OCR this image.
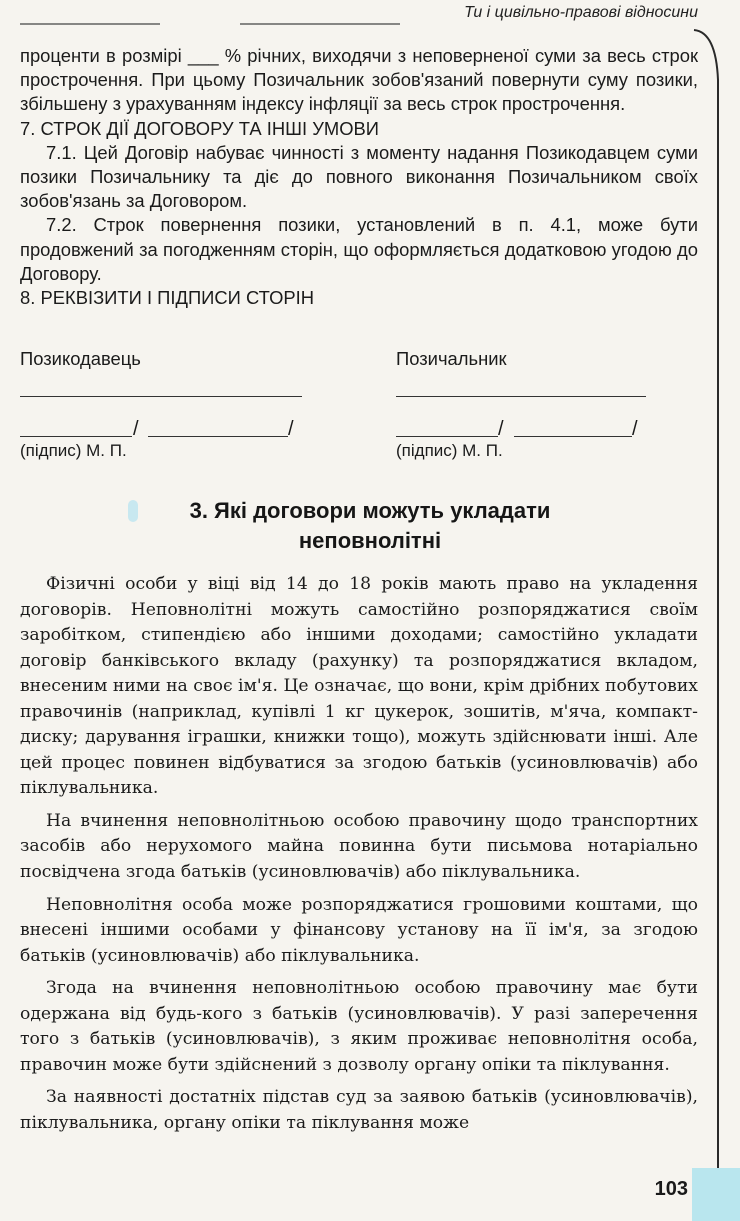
Ти і цивільно-правові відносини

проценти в розмірі ___ % річних, виходячи з неповерненої суми за весь строк прострочення. При цьому Позичальник зобов'язаний повернути суму позики, збільшену з урахуванням індексу інфляції за весь строк прострочення.

7. СТРОК ДІЇ ДОГОВОРУ ТА ІНШІ УМОВИ

7.1. Цей Договір набуває чинності з моменту надання Позикодавцем суми позики Позичальнику та діє до повного виконання Позичальником своїх зобов'язань за Договором.

7.2. Строк повернення позики, установлений в п. 4.1, може бути продовжений за погодженням сторін, що оформляється додатковою угодою до Договору.

8. РЕКВІЗИТИ І ПІДПИСИ СТОРІН

Позикодавець	Позичальник
/	/	/	/
(підпис) М. П.	(підпис) М. П.
3. Які договори можуть укладати
неповнолітні

Фізичні особи у віці від 14 до 18 років мають право на укладення договорів. Неповнолітні можуть самостійно розпоряджатися своїм заробітком, стипендією або іншими доходами; самостійно укладати договір банківського вкладу (рахунку) та розпоряджатися вкладом, внесеним ними на своє ім'я. Це означає, що вони, крім дрібних побутових правочинів (наприклад, купівлі 1 кг цукерок, зошитів, м'яча, компакт-диску; дарування іграшки, книжки тощо), можуть здійснювати інші. Але цей процес повинен відбуватися за згодою батьків (усиновлювачів) або піклувальника.

На вчинення неповнолітньою особою правочину щодо транспортних засобів або нерухомого майна повинна бути письмова нотаріально посвідчена згода батьків (усиновлювачів) або піклувальника.

Неповнолітня особа може розпоряджатися грошовими коштами, що внесені іншими особами у фінансову установу на її ім'я, за згодою батьків (усиновлювачів) або піклувальника.

Згода на вчинення неповнолітньою особою правочину має бути одержана від будь-кого з батьків (усиновлювачів). У разі заперечення того з батьків (усиновлювачів), з яким проживає неповнолітня особа, правочин може бути здійснений з дозволу органу опіки та піклування.

За наявності достатніх підстав суд за заявою батьків (усиновлювачів), піклувальника, органу опіки та піклування може

103
